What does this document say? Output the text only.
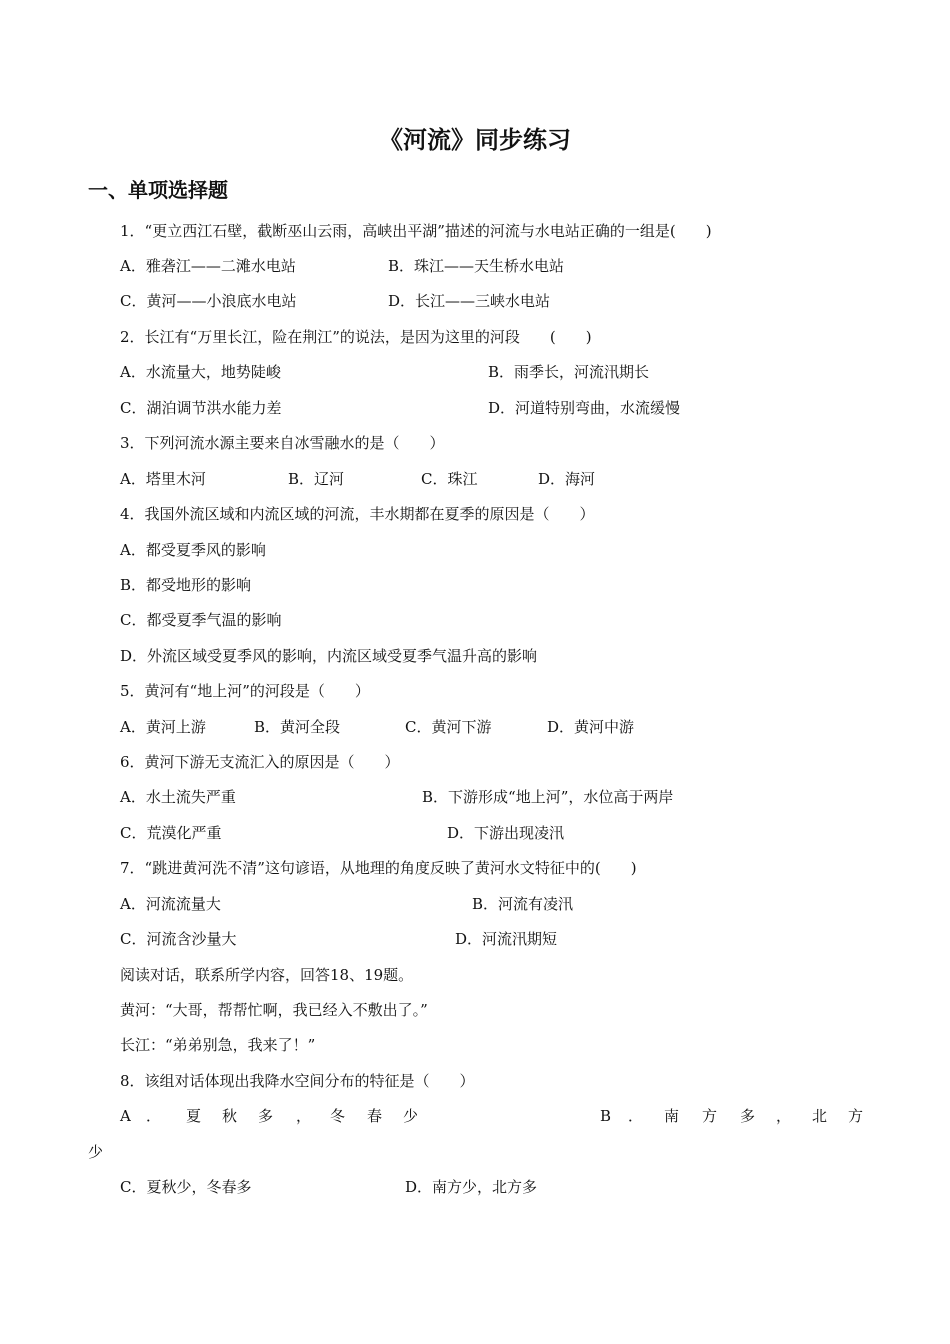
《河流》同步练习
一、单项选择题
1．“更立西江石壁，截断巫山云雨，高峡出平湖”描述的河流与水电站正确的一组是(　　)
A．雅砻江——二滩水电站	B．珠江——天生桥水电站
C．黄河——小浪底水电站	D．长江——三峡水电站
2．长江有“万里长江，险在荆江”的说法，是因为这里的河段　　(　　)
A．水流量大，地势陡峻	B．雨季长，河流汛期长
C．湖泊调节洪水能力差	D．河道特别弯曲，水流缓慢
3．下列河流水源主要来自冰雪融水的是（　　）
A．塔里木河	B．辽河	C．珠江	D．海河
4．我国外流区域和内流区域的河流，丰水期都在夏季的原因是（　　）
A．都受夏季风的影响
B．都受地形的影响
C．都受夏季气温的影响
D．外流区域受夏季风的影响，内流区域受夏季气温升高的影响
5．黄河有“地上河”的河段是（　　）
A．黄河上游	B．黄河全段	C．黄河下游	D．黄河中游
6．黄河下游无支流汇入的原因是（　　）
A．水土流失严重	B．下游形成“地上河”，水位高于两岸
C．荒漠化严重	D．下游出现凌汛
7．“跳进黄河洗不清”这句谚语，从地理的角度反映了黄河水文特征中的(　　)
A．河流流量大	B．河流有凌汛
C．河流含沙量大	D．河流汛期短
阅读对话，联系所学内容，回答18、19题。
黄河：“大哥，帮帮忙啊，我已经入不敷出了。”
长江：“弟弟别急，我来了！”
8．该组对话体现出我降水空间分布的特征是（　　）
A ． 夏 秋 多 ， 冬 春 少	B ． 南 方 多 ， 北 方
少
C．夏秋少，冬春多	D．南方少，北方多
